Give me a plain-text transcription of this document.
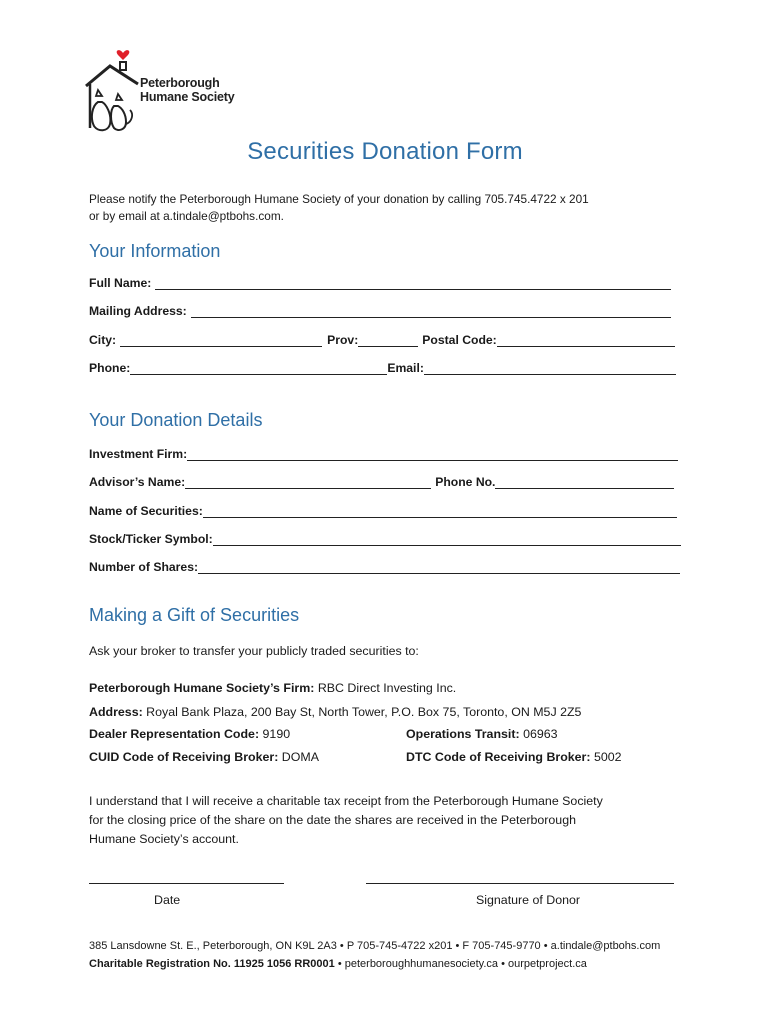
Peterborough
Humane Society
Securities Donation Form
Please notify the Peterborough Humane Society of your donation by calling 705.745.4722 x 201
or by email at a.tindale@ptbohs.com.
Your Information
Full Name:
Mailing Address:
City:	Prov:	Postal Code:
Phone:	Email:
Your Donation Details
Investment Firm:
Advisor’s Name:	Phone No.
Name of Securities:
Stock/Ticker Symbol:
Number of Shares:
Making a Gift of Securities
Ask your broker to transfer your publicly traded securities to:
Peterborough Humane Society’s Firm: RBC Direct Investing Inc.
Address: Royal Bank Plaza, 200 Bay St, North Tower, P.O. Box 75, Toronto, ON M5J 2Z5
Dealer Representation Code: 9190	Operations Transit: 06963
CUID Code of Receiving Broker: DOMA	DTC Code of Receiving Broker: 5002
I understand that I will receive a charitable tax receipt from the Peterborough Humane Society
for the closing price of the share on the date the shares are received in the Peterborough
Humane Society’s account.
Date	Signature of Donor
385 Lansdowne St. E., Peterborough, ON K9L 2A3 • P 705-745-4722 x201 • F 705-745-9770 • a.tindale@ptbohs.com
Charitable Registration No. 11925 1056 RR0001 • peterboroughhumanesociety.ca • ourpetproject.ca
